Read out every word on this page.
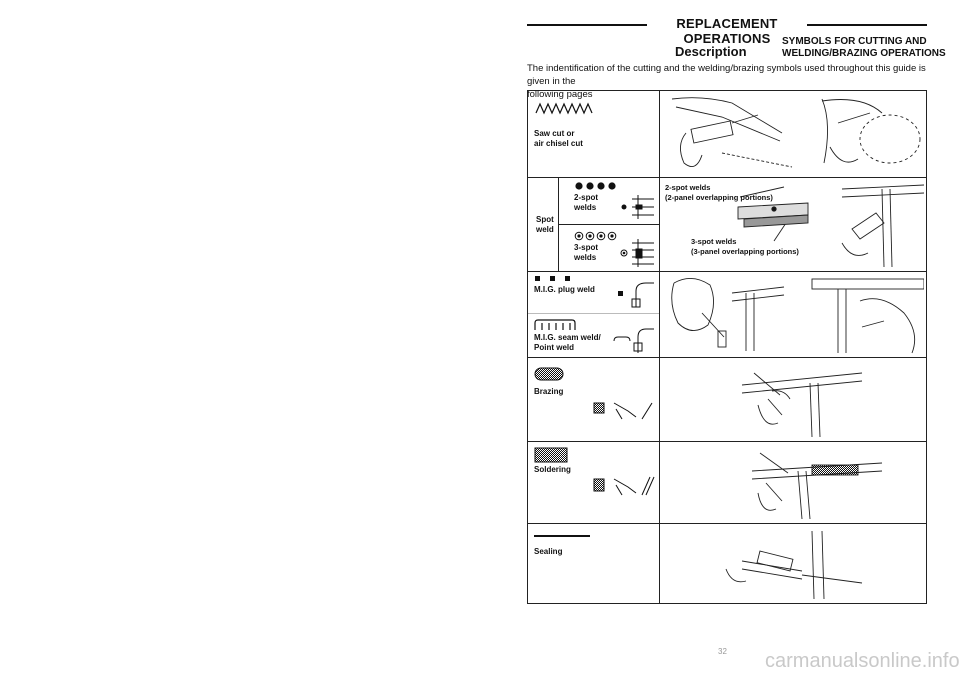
REPLACEMENT OPERATIONS
Description
SYMBOLS FOR CUTTING AND
WELDING/BRAZING OPERATIONS
The indentification of the cutting and the welding/brazing symbols used throughout this guide is given in the
following pages
Saw cut or
air chisel cut
Spot
weld
2-spot
welds
3-spot
welds
2-spot welds
(2-panel overlapping portions)
3-spot welds
(3-panel overlapping portions)
M.I.G. plug weld
M.I.G. seam weld/
Point weld
Brazing
Soldering
Sealing
32 carmanualsonline.info
